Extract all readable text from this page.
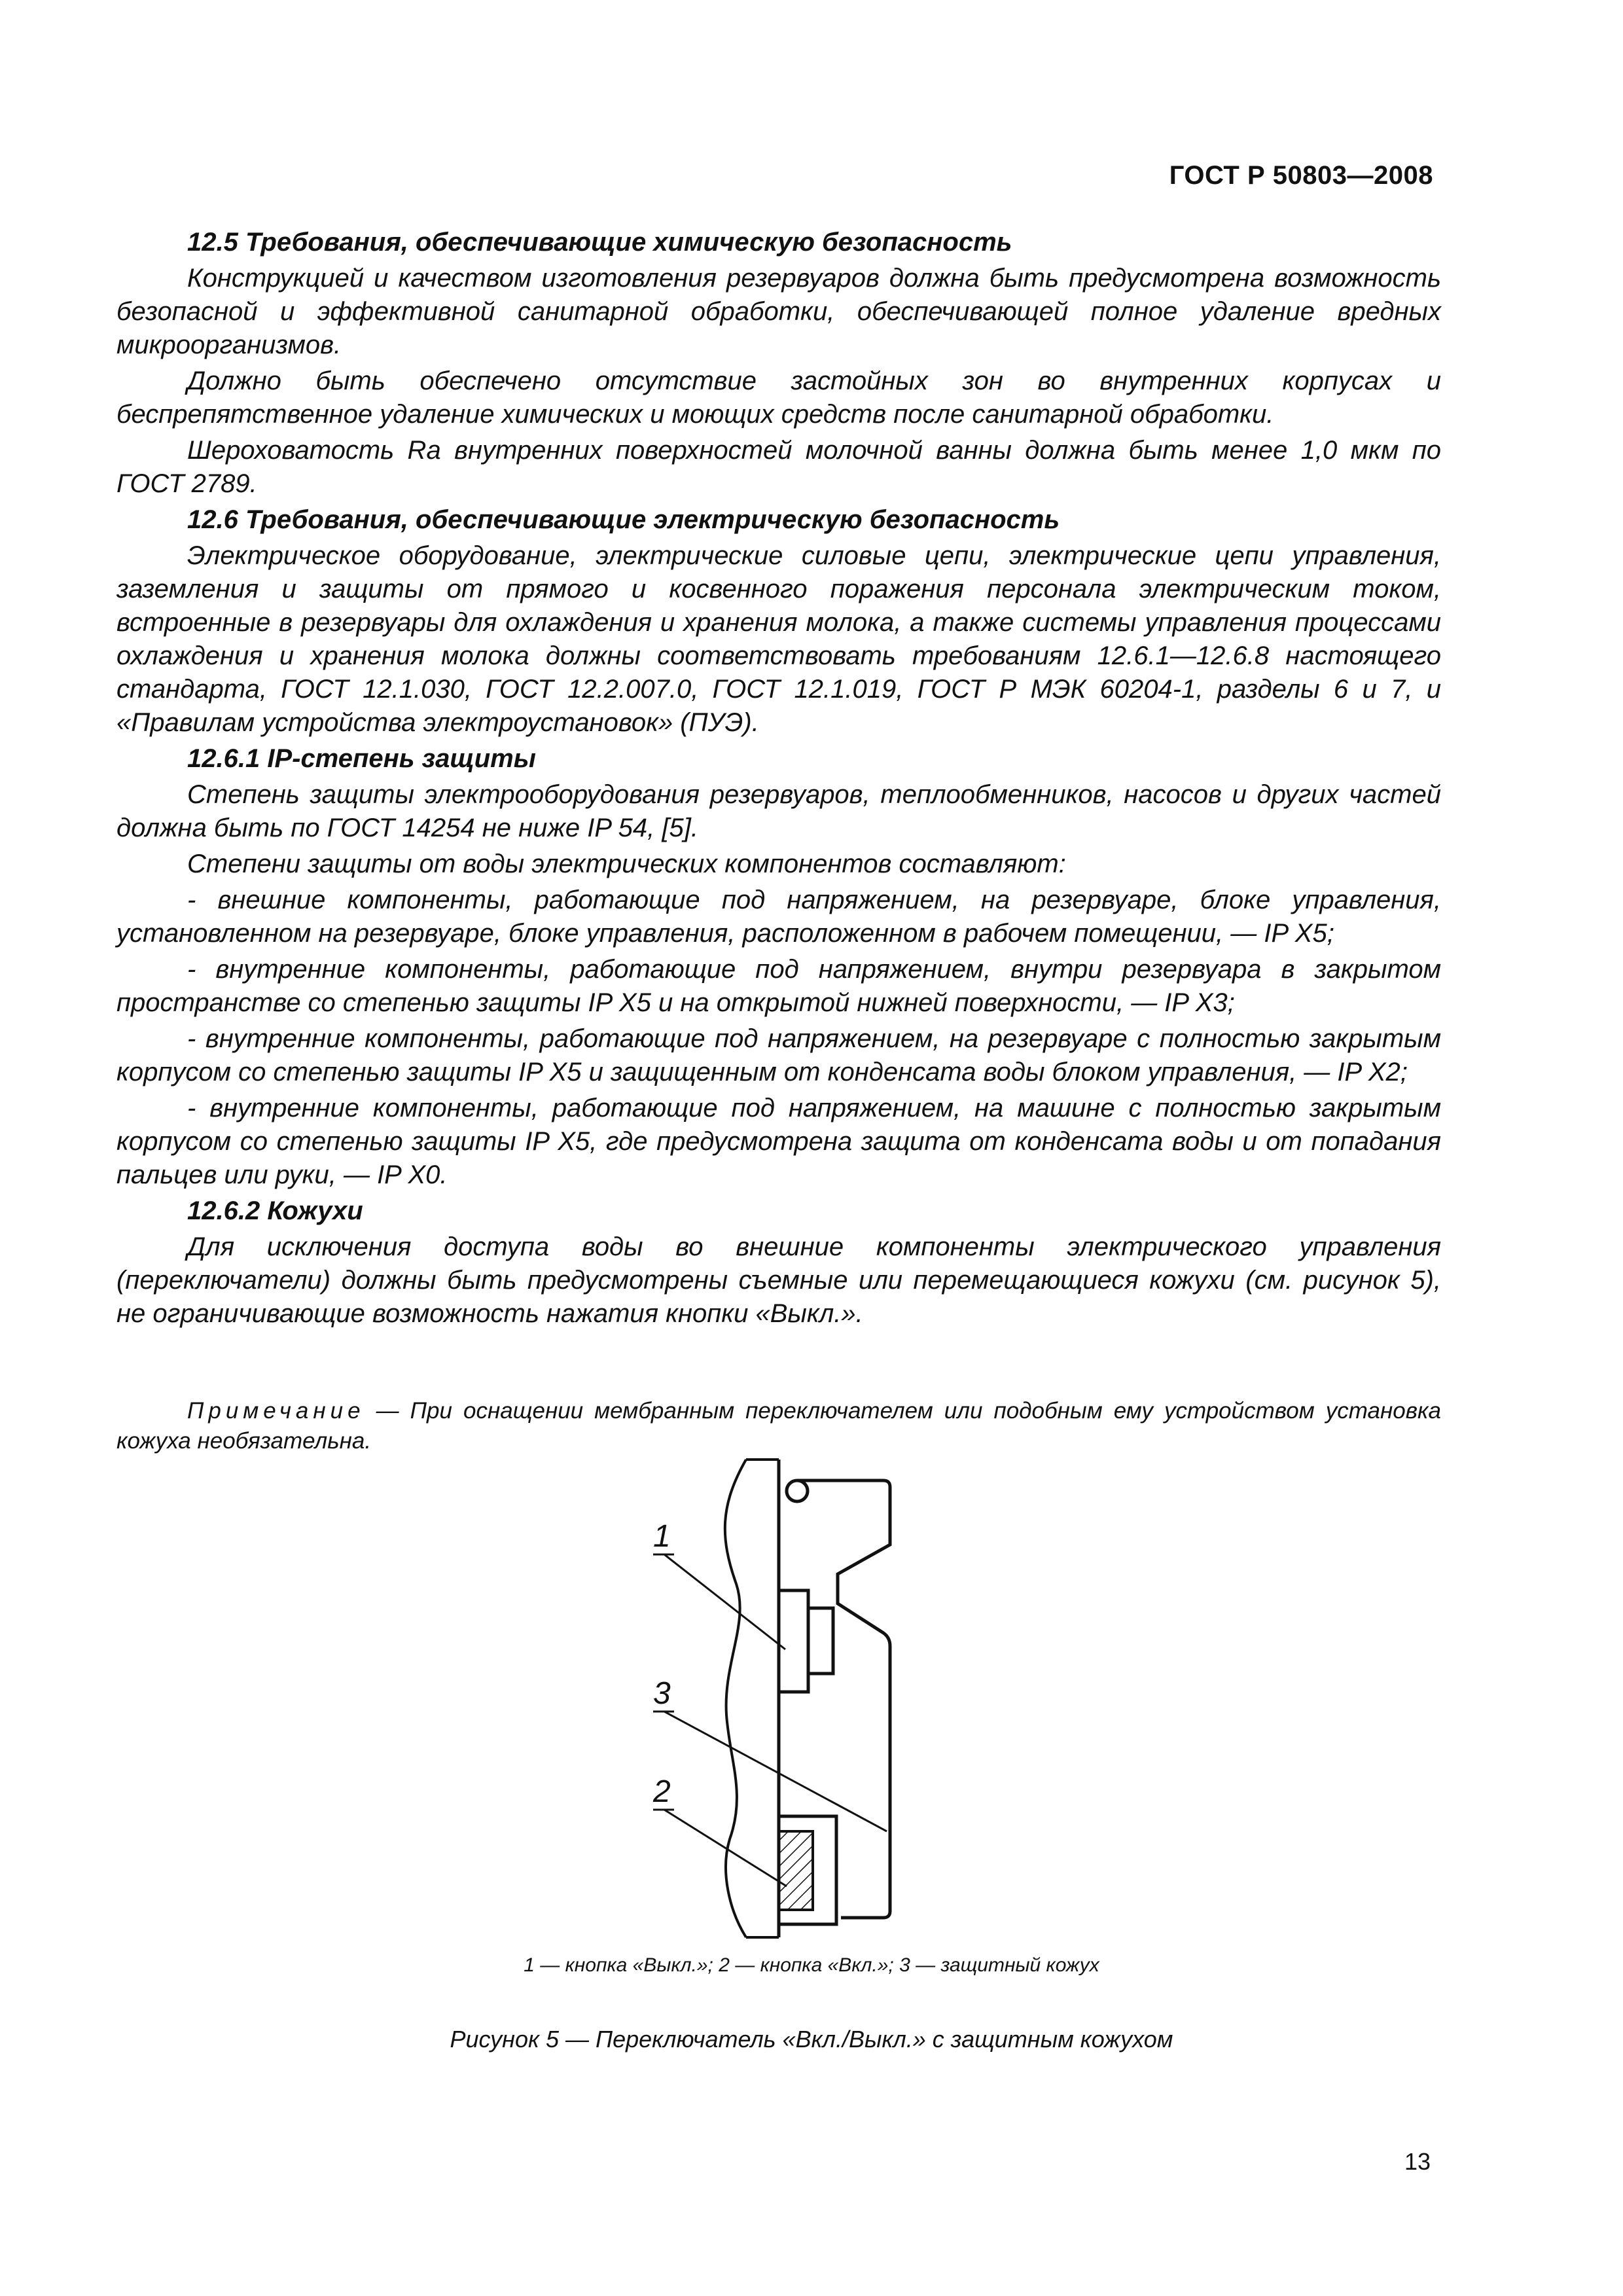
ГОСТ Р 50803—2008

12.5 Требования, обеспечивающие химическую безопасность

Конструкцией и качеством изготовления резервуаров должна быть предусмотрена возможность безопасной и эффективной санитарной обработки, обеспечивающей полное удаление вредных микроорганизмов.

Должно быть обеспечено отсутствие застойных зон во внутренних корпусах и беспрепятственное удаление химических и моющих средств после санитарной обработки.

Шероховатость Ra внутренних поверхностей молочной ванны должна быть менее 1,0 мкм по ГОСТ 2789.

12.6 Требования, обеспечивающие электрическую безопасность

Электрическое оборудование, электрические силовые цепи, электрические цепи управления, заземления и защиты от прямого и косвенного поражения персонала электрическим током, встроенные в резервуары для охлаждения и хранения молока, а также системы управления процессами охлаждения и хранения молока должны соответствовать требованиям 12.6.1—12.6.8 настоящего стандарта, ГОСТ 12.1.030, ГОСТ 12.2.007.0, ГОСТ 12.1.019, ГОСТ Р МЭК 60204-1, разделы 6 и 7, и «Правилам устройства электроустановок» (ПУЭ).

12.6.1 IP-степень защиты

Степень защиты электрооборудования резервуаров, теплообменников, насосов и других частей должна быть по ГОСТ 14254 не ниже IP 54, [5].

Степени защиты от воды электрических компонентов составляют:

- внешние компоненты, работающие под напряжением, на резервуаре, блоке управления, установленном на резервуаре, блоке управления, расположенном в рабочем помещении, — IP X5;

- внутренние компоненты, работающие под напряжением, внутри резервуара в закрытом пространстве со степенью защиты IP X5 и на открытой нижней поверхности, — IP X3;

- внутренние компоненты, работающие под напряжением, на резервуаре с полностью закрытым корпусом со степенью защиты IP X5 и защищенным от конденсата воды блоком управления, — IP X2;

- внутренние компоненты, работающие под напряжением, на машине с полностью закрытым корпусом со степенью защиты IP X5, где предусмотрена защита от конденсата воды и от попадания пальцев или руки, — IP X0.

12.6.2 Кожухи

Для исключения доступа воды во внешние компоненты электрического управления (переключатели) должны быть предусмотрены съемные или перемещающиеся кожухи (см. рисунок 5), не ограничивающие возможность нажатия кнопки «Выкл.».

Примечание — При оснащении мембранным переключателем или подобным ему устройством установка кожуха необязательна.
1
3
2
1 — кнопка «Выкл.»; 2 — кнопка «Вкл.»; 3 — защитный кожух
Рисунок 5 — Переключатель «Вкл./Выкл.» с защитным кожухом
13
